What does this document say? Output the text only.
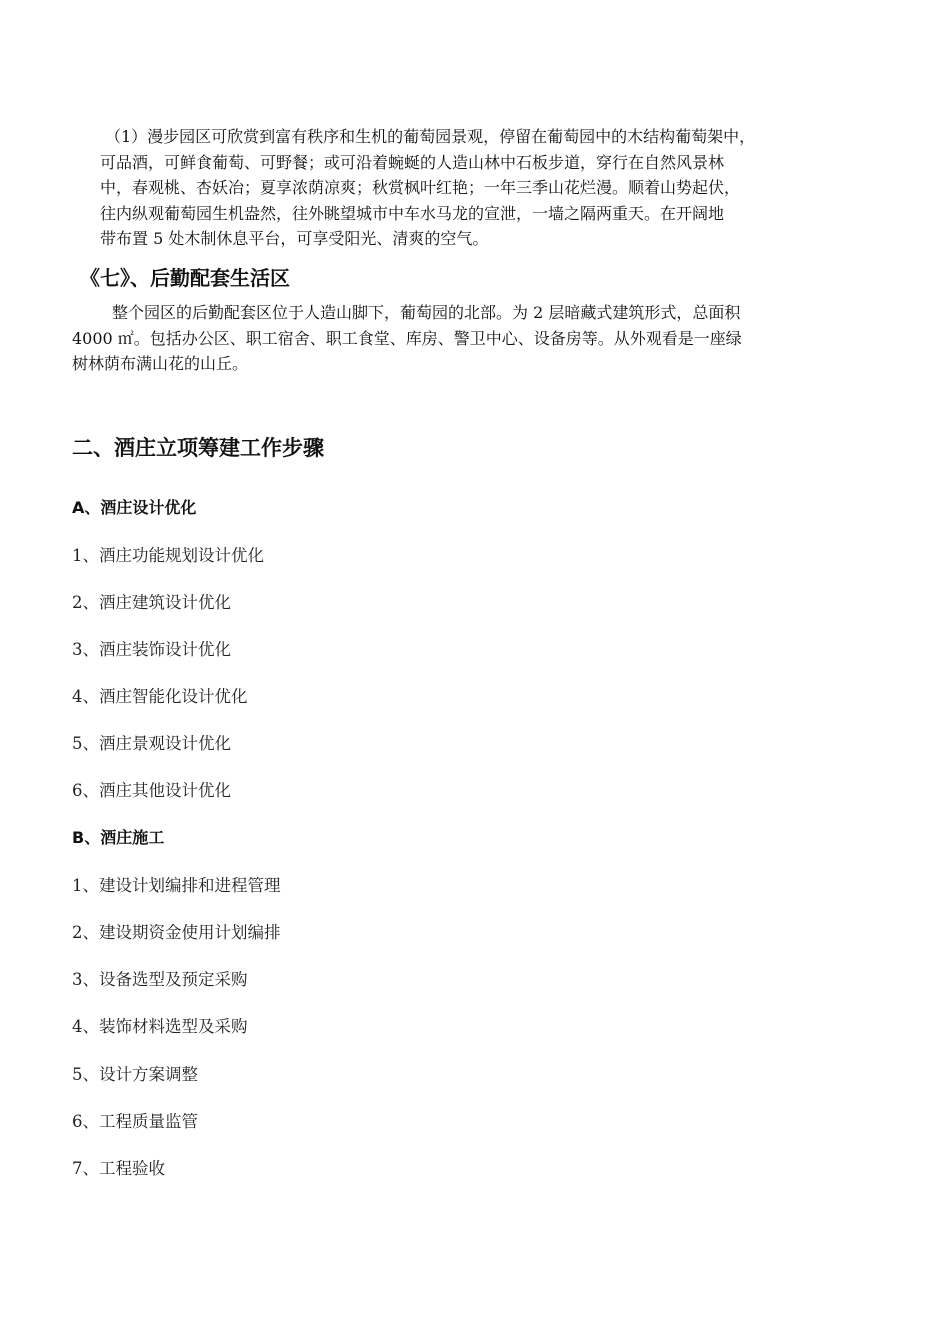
（1）漫步园区可欣赏到富有秩序和生机的葡萄园景观，停留在葡萄园中的木结构葡萄架中，
可品酒，可鲜食葡萄、可野餐；或可沿着蜿蜒的人造山林中石板步道，穿行在自然风景林
中，春观桃、杏妖冶；夏享浓荫凉爽；秋赏枫叶红艳；一年三季山花烂漫。顺着山势起伏，
往内纵观葡萄园生机盎然，往外眺望城市中车水马龙的宣泄，一墙之隔两重天。在开阔地
带布置 5 处木制休息平台，可享受阳光、清爽的空气。
《七》、后勤配套生活区
整个园区的后勤配套区位于人造山脚下，葡萄园的北部。为 2 层暗藏式建筑形式，总面积
4000 ㎡。包括办公区、职工宿舍、职工食堂、库房、警卫中心、设备房等。从外观看是一座绿
树林荫布满山花的山丘。
二、酒庄立项筹建工作步骤
A、酒庄设计优化
1、酒庄功能规划设计优化
2、酒庄建筑设计优化
3、酒庄装饰设计优化
4、酒庄智能化设计优化
5、酒庄景观设计优化
6、酒庄其他设计优化
B、酒庄施工
1、建设计划编排和进程管理
2、建设期资金使用计划编排
3、设备选型及预定采购
4、装饰材料选型及采购
5、设计方案调整
6、工程质量监管
7、工程验收
